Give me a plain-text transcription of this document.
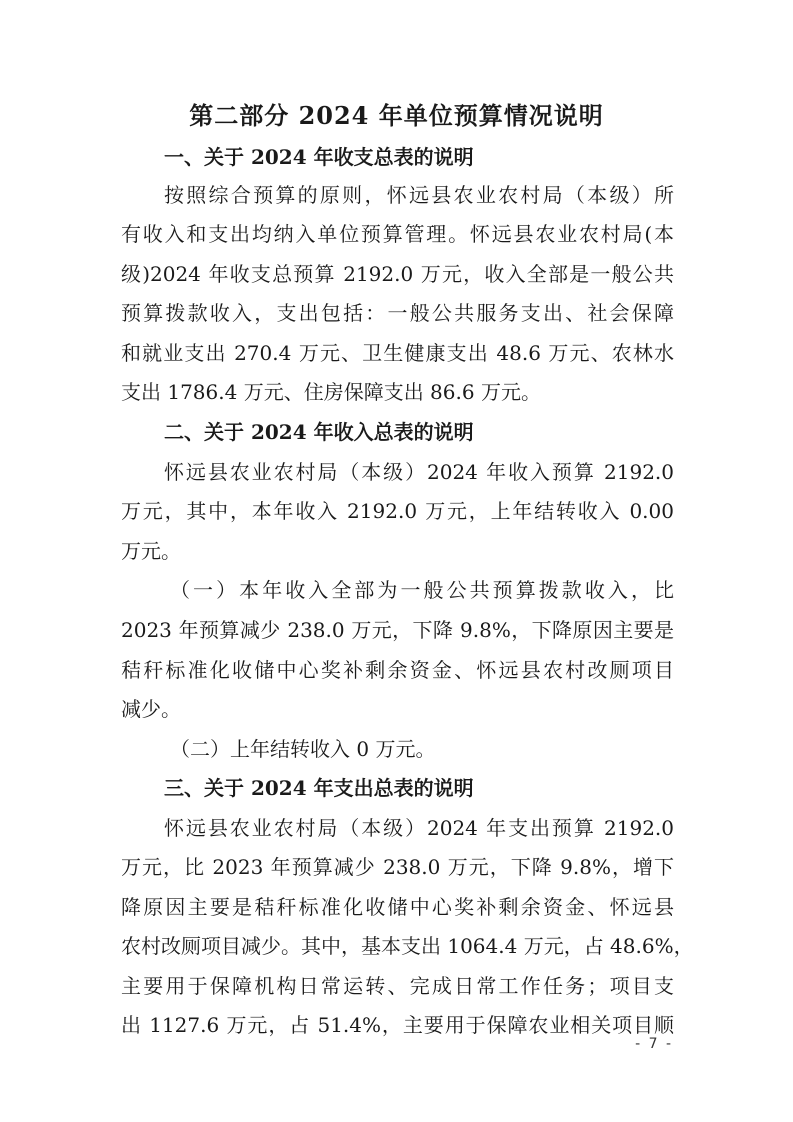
第二部分 2024 年单位预算情况说明
一、关于 2024 年收支总表的说明
按照综合预算的原则，怀远县农业农村局（本级）所
有收入和支出均纳入单位预算管理。怀远县农业农村局(本
级)2024 年收支总预算 2192.0 万元，收入全部是一般公共
预算拨款收入，支出包括：一般公共服务支出、社会保障
和就业支出 270.4 万元、卫生健康支出 48.6 万元、农林水
支出 1786.4 万元、住房保障支出 86.6 万元。
二、关于 2024 年收入总表的说明
怀远县农业农村局（本级）2024 年收入预算 2192.0
万元，其中，本年收入 2192.0 万元，上年结转收入 0.00
万元。
（一）本年收入全部为一般公共预算拨款收入，比
2023 年预算减少 238.0 万元，下降 9.8%，下降原因主要是
秸秆标准化收储中心奖补剩余资金、怀远县农村改厕项目
减少。
（二）上年结转收入 0 万元。
三、关于 2024 年支出总表的说明
怀远县农业农村局（本级）2024 年支出预算 2192.0
万元，比 2023 年预算减少 238.0 万元，下降 9.8%，增下
降原因主要是秸秆标准化收储中心奖补剩余资金、怀远县
农村改厕项目减少。其中，基本支出 1064.4 万元，占 48.6%，
主要用于保障机构日常运转、完成日常工作任务；项目支
出 1127.6 万元，占 51.4%，主要用于保障农业相关项目顺
- 7 -
